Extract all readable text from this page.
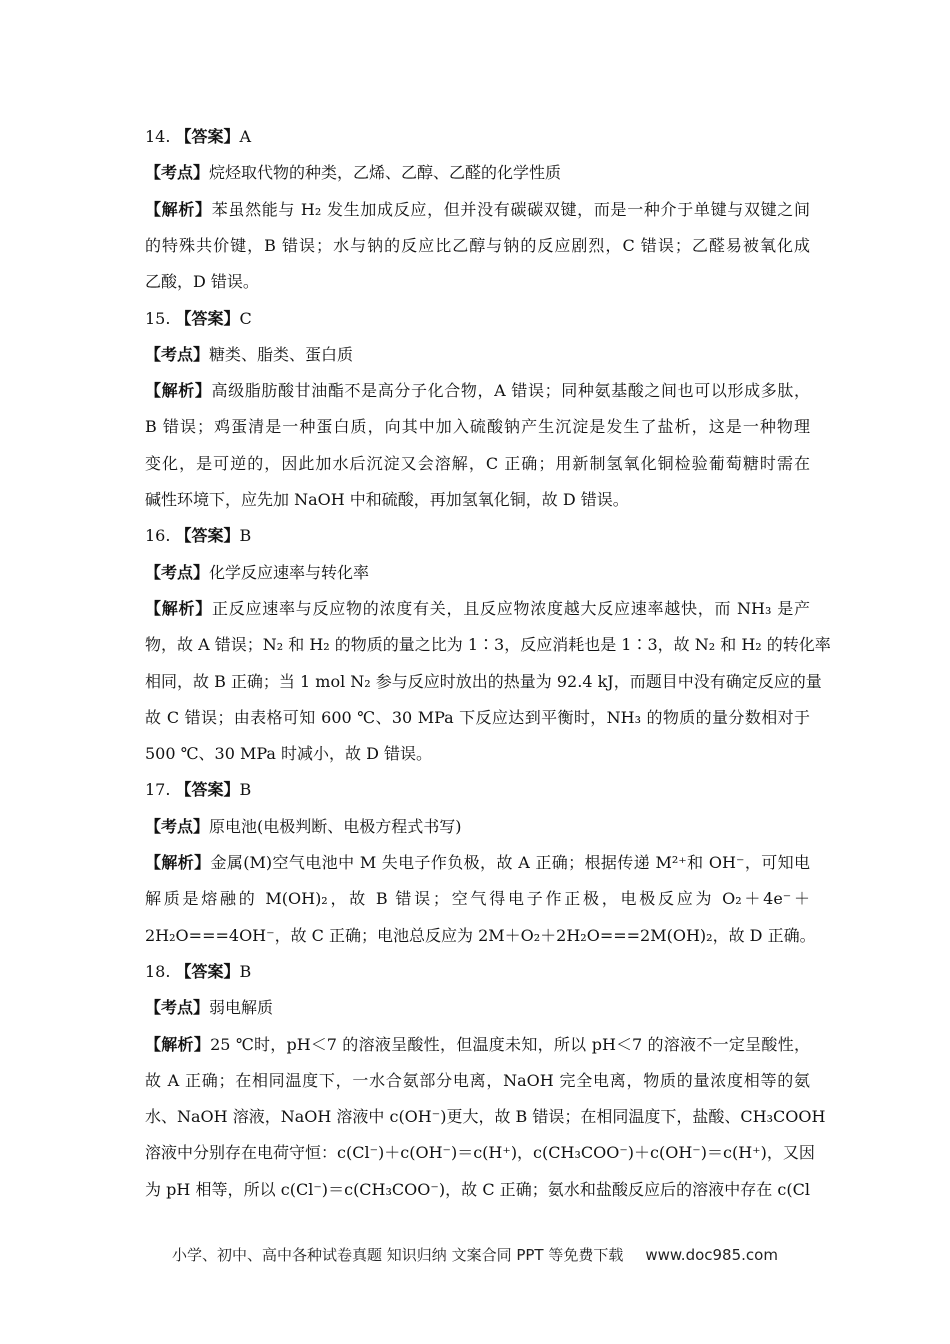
14. 【答案】A
【考点】烷烃取代物的种类，乙烯、乙醇、乙醛的化学性质
【解析】苯虽然能与 H₂ 发生加成反应，但并没有碳碳双键，而是一种介于单键与双键之间
的特殊共价键，B 错误；水与钠的反应比乙醇与钠的反应剧烈，C 错误；乙醛易被氧化成
乙酸，D 错误。
15. 【答案】C
【考点】糖类、脂类、蛋白质
【解析】高级脂肪酸甘油酯不是高分子化合物，A 错误；同种氨基酸之间也可以形成多肽，
B 错误；鸡蛋清是一种蛋白质，向其中加入硫酸钠产生沉淀是发生了盐析，这是一种物理
变化，是可逆的，因此加水后沉淀又会溶解，C 正确；用新制氢氧化铜检验葡萄糖时需在
碱性环境下，应先加 NaOH 中和硫酸，再加氢氧化铜，故 D 错误。
16. 【答案】B
【考点】化学反应速率与转化率
【解析】正反应速率与反应物的浓度有关，且反应物浓度越大反应速率越快，而 NH₃ 是产
物，故 A 错误；N₂ 和 H₂ 的物质的量之比为 1∶3，反应消耗也是 1∶3，故 N₂ 和 H₂ 的转化率
相同，故 B 正确；当 1 mol N₂ 参与反应时放出的热量为 92.4 kJ，而题目中没有确定反应的量
故 C 错误；由表格可知 600 ℃、30 MPa 下反应达到平衡时，NH₃ 的物质的量分数相对于
500 ℃、30 MPa 时减小，故 D 错误。
17. 【答案】B
【考点】原电池(电极判断、电极方程式书写)
【解析】金属(M)空气电池中 M 失电子作负极，故 A 正确；根据传递 M²⁺和 OH⁻，可知电
解质是熔融的 M(OH)₂，故 B 错误；空气得电子作正极，电极反应为 O₂＋4e⁻＋
2H₂O===4OH⁻，故 C 正确；电池总反应为 2M＋O₂＋2H₂O===2M(OH)₂，故 D 正确。
18. 【答案】B
【考点】弱电解质
【解析】25 ℃时，pH＜7 的溶液呈酸性，但温度未知，所以 pH＜7 的溶液不一定呈酸性，
故 A 正确；在相同温度下，一水合氨部分电离，NaOH 完全电离，物质的量浓度相等的氨
水、NaOH 溶液，NaOH 溶液中 c(OH⁻)更大，故 B 错误；在相同温度下，盐酸、CH₃COOH
溶液中分别存在电荷守恒：c(Cl⁻)＋c(OH⁻)＝c(H⁺)，c(CH₃COO⁻)＋c(OH⁻)＝c(H⁺)，又因
为 pH 相等，所以 c(Cl⁻)＝c(CH₃COO⁻)，故 C 正确；氨水和盐酸反应后的溶液中存在 c(Cl
小学、初中、高中各种试卷真题 知识归纳 文案合同 PPT 等免费下载 www.doc985.com
